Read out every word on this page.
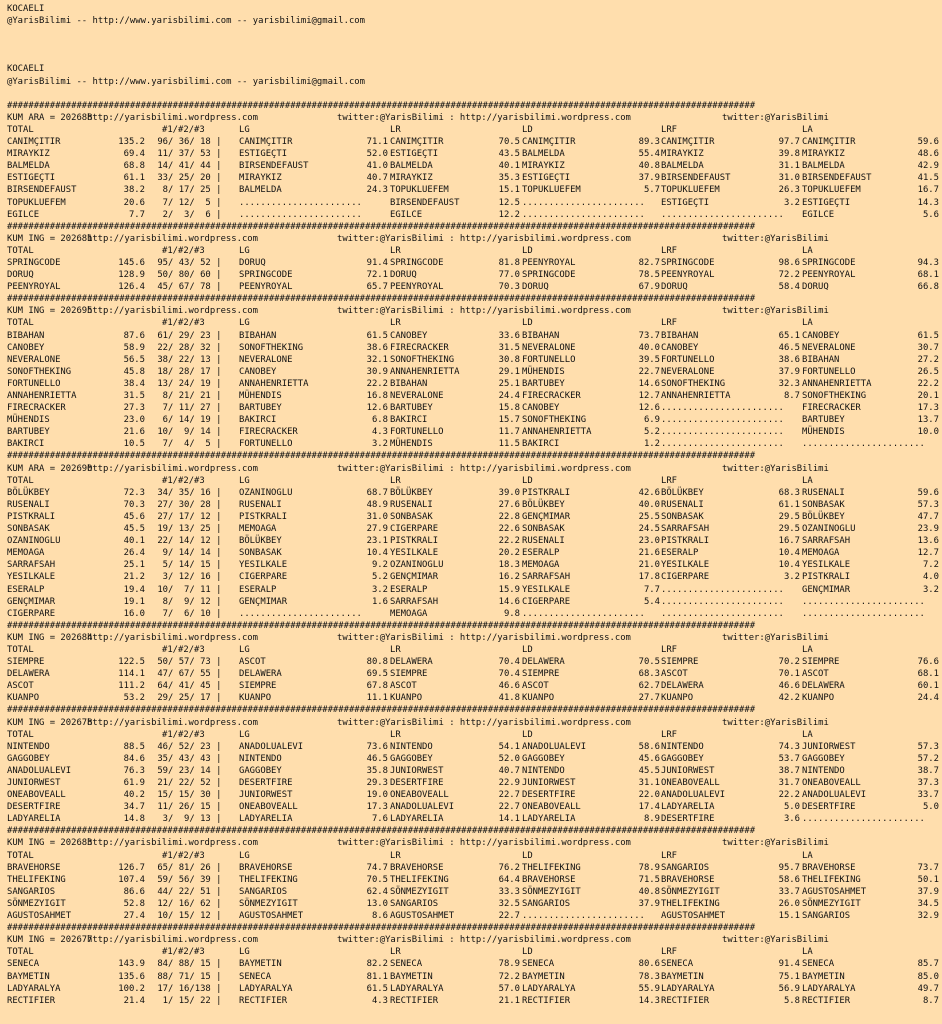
KOCAELI
@YarisBilimi -- http://www.yarisbilimi.com -- yarisbilimi@gmail.com
KOCAELI
@YarisBilimi -- http://www.yarisbilimi.com -- yarisbilimi@gmail.com
############################################################################################################################################
KUM ARA = 202688
http://yarisbilimi.wordpress.com	twitter:@YarisBilimi : http://yarisbilimi.wordpress.com	twitter:@YarisBilimi
TOTAL	#1/#2/#3	LG	LR	LD	LRF	LA
CANIMÇITIR	135.2 96/ 36/ 18 | CANIMÇITIR	71.1 CANIMÇITIR	70.5 CANIMÇITIR	89.3 CANIMÇITIR	97.7 CANIMÇITIR	59.6
MIRAYKIZ	69.4 11/ 37/ 53 | ESTIGEÇTI	52.0 ESTIGEÇTI	43.5 BALMELDA	55.4 MIRAYKIZ	39.8 MIRAYKIZ	48.6
BALMELDA	68.8 14/ 41/ 44 | BIRSENDEFAUST	41.0 BALMELDA	40.1 MIRAYKIZ	40.8 BALMELDA	31.1 BALMELDA	42.9
ESTIGEÇTI	61.1 33/ 25/ 20 | MIRAYKIZ	40.7 MIRAYKIZ	35.3 ESTIGEÇTI	37.9 BIRSENDEFAUST	31.0 BIRSENDEFAUST	41.5
BIRSENDEFAUST	38.2 8/ 17/ 25 | BALMELDA	24.3 TOPUKLUEFEM	15.1 TOPUKLUEFEM	5.7 TOPUKLUEFEM	26.3 TOPUKLUEFEM	16.7
TOPUKLUEFEM	20.6 7/ 12/  5 | .......................	BIRSENDEFAUST	12.5 ....................... ESTIGEÇTI	3.2 ESTIGEÇTI	14.3
EGILCE	7.7 2/  3/  6 | .......................	EGILCE	12.2 ....................... ....................... EGILCE	5.6
############################################################################################################################################
KUM ING = 202681
http://yarisbilimi.wordpress.com	twitter:@YarisBilimi : http://yarisbilimi.wordpress.com	twitter:@YarisBilimi
TOTAL	#1/#2/#3	LG	LR	LD	LRF	LA
SPRINGCODE	145.6 95/ 43/ 52 | DORUQ	91.4 SPRINGCODE	81.8 PEENYROYAL	82.7 SPRINGCODE	98.6 SPRINGCODE	94.3
DORUQ	128.9 50/ 80/ 60 | SPRINGCODE	72.1 DORUQ	77.0 SPRINGCODE	78.5 PEENYROYAL	72.2 PEENYROYAL	68.1
PEENYROYAL	126.4 45/ 67/ 78 | PEENYROYAL	65.7 PEENYROYAL	70.3 DORUQ	67.9 DORUQ	58.4 DORUQ	66.8
############################################################################################################################################
KUM ING = 202695
http://yarisbilimi.wordpress.com	twitter:@YarisBilimi : http://yarisbilimi.wordpress.com	twitter:@YarisBilimi
TOTAL	#1/#2/#3	LG	LR	LD	LRF	LA
BIBAHAN	87.6 61/ 29/ 23 | BIBAHAN	61.5 CANOBEY	33.6 BIBAHAN	73.7 BIBAHAN	65.1 CANOBEY	61.5
CANOBEY	58.9 22/ 28/ 32 | SONOFTHEKING	38.6 FIRECRACKER	31.5 NEVERALONE	40.0 CANOBEY	46.5 NEVERALONE	30.7
NEVERALONE	56.5 38/ 22/ 13 | NEVERALONE	32.1 SONOFTHEKING	30.8 FORTUNELLO	39.5 FORTUNELLO	38.6 BIBAHAN	27.2
SONOFTHEKING	45.8 18/ 28/ 17 | CANOBEY	30.9 ANNAHENRIETTA	29.1 MÜHENDIS	22.7 NEVERALONE	37.9 FORTUNELLO	26.5
FORTUNELLO	38.4 13/ 24/ 19 | ANNAHENRIETTA	22.2 BIBAHAN	25.1 BARTUBEY	14.6 SONOFTHEKING	32.3 ANNAHENRIETTA	22.2
ANNAHENRIETTA	31.5 8/ 21/ 21 | MÜHENDIS	16.8 NEVERALONE	24.4 FIRECRACKER	12.7 ANNAHENRIETTA	8.7 SONOFTHEKING	20.1
FIRECRACKER	27.3 7/ 11/ 27 | BARTUBEY	12.6 BARTUBEY	15.8 CANOBEY	12.6 ....................... FIRECRACKER	17.3
MÜHENDIS	23.0 6/ 14/ 19 | BAKIRCI	6.8 BAKIRCI	15.7 SONOFTHEKING	6.9 ....................... BARTUBEY	13.7
BARTUBEY	21.6 10/  9/ 14 | FIRECRACKER	4.3 FORTUNELLO	11.7 ANNAHENRIETTA	5.2 ....................... MÜHENDIS	10.0
BAKIRCI	10.5 7/  4/  5 | FORTUNELLO	3.2 MÜHENDIS	11.5 BAKIRCI	1.2 ....................... .......................
############################################################################################################################################
KUM ARA = 202690
http://yarisbilimi.wordpress.com	twitter:@YarisBilimi : http://yarisbilimi.wordpress.com	twitter:@YarisBilimi
TOTAL	#1/#2/#3	LG	LR	LD	LRF	LA
BÖLÜKBEY	72.3 34/ 35/ 16 | OZANINOGLU	68.7 BÖLÜKBEY	39.0 PISTKRALI	42.6 BÖLÜKBEY	68.3 RUSENALI	59.6
RUSENALI	70.3 27/ 30/ 28 | RUSENALI	48.9 RUSENALI	27.6 BÖLÜKBEY	40.0 RUSENALI	61.1 SONBASAK	57.3
PISTKRALI	45.6 27/ 17/ 12 | PISTKRALI	31.0 SONBASAK	22.8 GENÇMIMAR	25.5 SONBASAK	29.5 BÖLÜKBEY	47.7
SONBASAK	45.5 19/ 13/ 25 | MEMOAGA	27.9 CIGERPARE	22.6 SONBASAK	24.5 SARRAFSAH	29.5 OZANINOGLU	23.9
OZANINOGLU	40.1 22/ 14/ 12 | BÖLÜKBEY	23.1 PISTKRALI	22.2 RUSENALI	23.0 PISTKRALI	16.7 SARRAFSAH	13.6
MEMOAGA	26.4 9/ 14/ 14 | SONBASAK	10.4 YESILKALE	20.2 ESERALP	21.6 ESERALP	10.4 MEMOAGA	12.7
SARRAFSAH	25.1 5/ 14/ 15 | YESILKALE	9.2 OZANINOGLU	18.3 MEMOAGA	21.0 YESILKALE	10.4 YESILKALE	7.2
YESILKALE	21.2 3/ 12/ 16 | CIGERPARE	5.2 GENÇMIMAR	16.2 SARRAFSAH	17.8 CIGERPARE	3.2 PISTKRALI	4.0
ESERALP	19.4 10/  7/ 11 | ESERALP	3.2 ESERALP	15.9 YESILKALE	7.7 ....................... GENÇMIMAR	3.2
GENÇMIMAR	19.1 8/  9/ 12 | GENÇMIMAR	1.6 SARRAFSAH	14.6 CIGERPARE	5.4 ....................... .......................
CIGERPARE	16.0 7/  6/ 10 | .......................	MEMOAGA	9.8 ....................... ....................... .......................
############################################################################################################################################
KUM ING = 202684
http://yarisbilimi.wordpress.com	twitter:@YarisBilimi : http://yarisbilimi.wordpress.com	twitter:@YarisBilimi
TOTAL	#1/#2/#3	LG	LR	LD	LRF	LA
SIEMPRE	122.5 50/ 57/ 73 | ASCOT	80.8 DELAWERA	70.4 DELAWERA	70.5 SIEMPRE	70.2 SIEMPRE	76.6
DELAWERA	114.1 47/ 67/ 55 | DELAWERA	69.5 SIEMPRE	70.4 SIEMPRE	68.3 ASCOT	70.1 ASCOT	68.1
ASCOT	111.2 64/ 41/ 45 | SIEMPRE	67.8 ASCOT	46.6 ASCOT	62.7 DELAWERA	46.6 DELAWERA	60.1
KUANPO	53.2 29/ 25/ 17 | KUANPO	11.1 KUANPO	41.8 KUANPO	27.7 KUANPO	42.2 KUANPO	24.4
############################################################################################################################################
KUM ING = 202678
http://yarisbilimi.wordpress.com	twitter:@YarisBilimi : http://yarisbilimi.wordpress.com	twitter:@YarisBilimi
TOTAL	#1/#2/#3	LG	LR	LD	LRF	LA
NINTENDO	88.5 46/ 52/ 23 | ANADOLUALEVI	73.6 NINTENDO	54.1 ANADOLUALEVI	58.6 NINTENDO	74.3 JUNIORWEST	57.3
GAGGOBEY	84.6 35/ 43/ 43 | NINTENDO	46.5 GAGGOBEY	52.0 GAGGOBEY	45.6 GAGGOBEY	53.7 GAGGOBEY	57.2
ANADOLUALEVI	76.3 59/ 23/ 14 | GAGGOBEY	35.8 JUNIORWEST	40.7 NINTENDO	45.5 JUNIORWEST	38.7 NINTENDO	38.7
JUNIORWEST	61.9 21/ 22/ 52 | DESERTFIRE	29.3 DESERTFIRE	22.9 JUNIORWEST	31.1 ONEABOVEALL	31.7 ONEABOVEALL	37.3
ONEABOVEALL	40.2 15/ 15/ 30 | JUNIORWEST	19.0 ONEABOVEALL	22.7 DESERTFIRE	22.0 ANADOLUALEVI	22.2 ANADOLUALEVI	33.7
DESERTFIRE	34.7 11/ 26/ 15 | ONEABOVEALL	17.3 ANADOLUALEVI	22.7 ONEABOVEALL	17.4 LADYARELIA	5.0 DESERTFIRE	5.0
LADYARELIA	14.8 3/  9/ 13 | LADYARELIA	7.6 LADYARELIA	14.1 LADYARELIA	8.9 DESERTFIRE	3.6 .......................
############################################################################################################################################
KUM ING = 202683
http://yarisbilimi.wordpress.com	twitter:@YarisBilimi : http://yarisbilimi.wordpress.com	twitter:@YarisBilimi
TOTAL	#1/#2/#3	LG	LR	LD	LRF	LA
BRAVEHORSE	126.7 65/ 81/ 26 | BRAVEHORSE	74.7 BRAVEHORSE	76.2 THELIFEKING	78.9 SANGARIOS	95.7 BRAVEHORSE	73.7
THELIFEKING	107.4 59/ 56/ 39 | THELIFEKING	70.5 THELIFEKING	64.4 BRAVEHORSE	71.5 BRAVEHORSE	58.6 THELIFEKING	50.1
SANGARIOS	86.6 44/ 22/ 51 | SANGARIOS	62.4 SÖNMEZYIGIT	33.3 SÖNMEZYIGIT	40.8 SÖNMEZYIGIT	33.7 AGUSTOSAHMET	37.9
SÖNMEZYIGIT	52.8 12/ 16/ 62 | SÖNMEZYIGIT	13.0 SANGARIOS	32.5 SANGARIOS	37.9 THELIFEKING	26.0 SÖNMEZYIGIT	34.5
AGUSTOSAHMET	27.4 10/ 15/ 12 | AGUSTOSAHMET	8.6 AGUSTOSAHMET	22.7 ....................... AGUSTOSAHMET	15.1 SANGARIOS	32.9
############################################################################################################################################
KUM ING = 202677
http://yarisbilimi.wordpress.com	twitter:@YarisBilimi : http://yarisbilimi.wordpress.com	twitter:@YarisBilimi
TOTAL	#1/#2/#3	LG	LR	LD	LRF	LA
SENECA	143.9 84/ 88/ 15 | BAYMETIN	82.2 SENECA	78.9 SENECA	80.6 SENECA	91.4 SENECA	85.7
BAYMETIN	135.6 88/ 71/ 15 | SENECA	81.1 BAYMETIN	72.2 BAYMETIN	78.3 BAYMETIN	75.1 BAYMETIN	85.0
LADYARALYA	100.2 17/ 16/138 | LADYARALYA	61.5 LADYARALYA	57.0 LADYARALYA	55.9 LADYARALYA	56.9 LADYARALYA	49.7
RECTIFIER	21.4 1/ 15/ 22 | RECTIFIER	4.3 RECTIFIER	21.1 RECTIFIER	14.3 RECTIFIER	5.8 RECTIFIER	8.7
